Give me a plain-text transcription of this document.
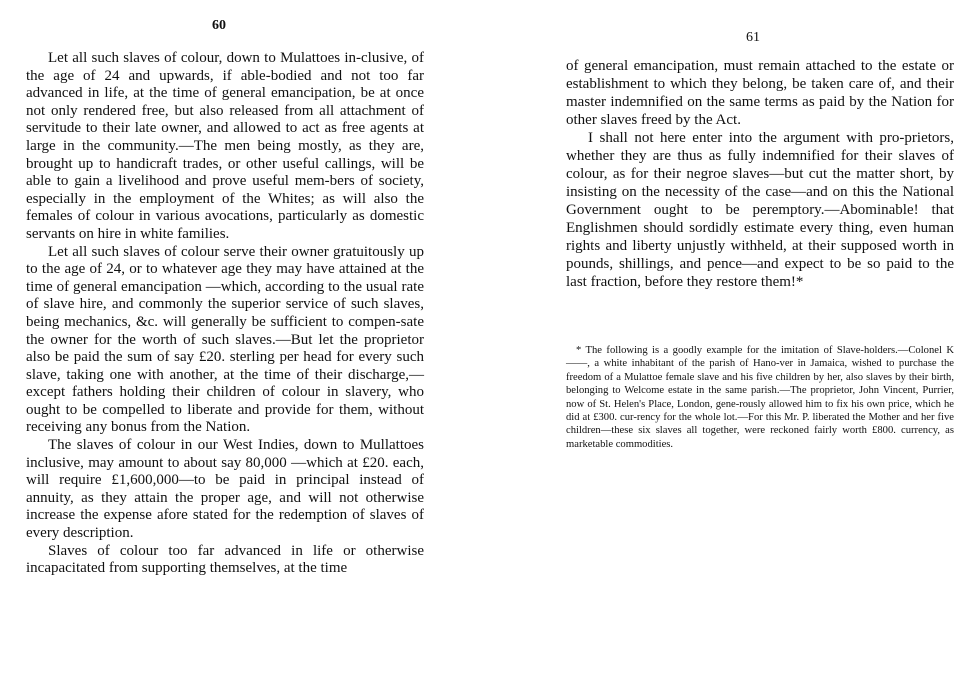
60

Let all such slaves of colour, down to Mulattoes in-clusive, of the age of 24 and upwards, if able-bodied and not too far advanced in life, at the time of general emancipation, be at once not only rendered free, but also released from all attachment of servitude to their late owner, and allowed to act as free agents at large in the community.—The men being mostly, as they are, brought up to handicraft trades, or other useful callings, will be able to gain a livelihood and prove useful mem-bers of society, especially in the employment of the Whites; as will also the females of colour in various avocations, particularly as domestic servants on hire in white families.

Let all such slaves of colour serve their owner gratuitously up to the age of 24, or to whatever age they may have attained at the time of general emancipation —which, according to the usual rate of slave hire, and commonly the superior service of such slaves, being mechanics, &c. will generally be sufficient to compen-sate the owner for the worth of such slaves.—But let the proprietor also be paid the sum of say £20. sterling per head for every such slave, taking one with another, at the time of their discharge,—except fathers holding their children of colour in slavery, who ought to be compelled to liberate and provide for them, without receiving any bonus from the Nation.

The slaves of colour in our West Indies, down to Mullattoes inclusive, may amount to about say 80,000 —which at £20. each, will require £1,600,000—to be paid in principal instead of annuity, as they attain the proper age, and will not otherwise increase the expense afore stated for the redemption of slaves of every description.

Slaves of colour too far advanced in life or otherwise incapacitated from supporting themselves, at the time

61

of general emancipation, must remain attached to the estate or establishment to which they belong, be taken care of, and their master indemnified on the same terms as paid by the Nation for other slaves freed by the Act.

I shall not here enter into the argument with pro-prietors, whether they are thus as fully indemnified for their slaves of colour, as for their negroe slaves—but cut the matter short, by insisting on the necessity of the case—and on this the National Government ought to be peremptory.—Abominable! that Englishmen should sordidly estimate every thing, even human rights and liberty unjustly withheld, at their supposed worth in pounds, shillings, and pence—and expect to be so paid to the last fraction, before they restore them!*

* The following is a goodly example for the imitation of Slave-holders.—Colonel K——, a white inhabitant of the parish of Hano-ver in Jamaica, wished to purchase the freedom of a Mulattoe female slave and his five children by her, also slaves by their birth, belonging to Welcome estate in the same parish.—The proprietor, John Vincent, Purrier, now of St. Helen's Place, London, gene-rously allowed him to fix his own price, which he did at £300. cur-rency for the whole lot.—For this Mr. P. liberated the Mother and her five children—these six slaves all together, were reckoned fairly worth £800. currency, as marketable commodities.
